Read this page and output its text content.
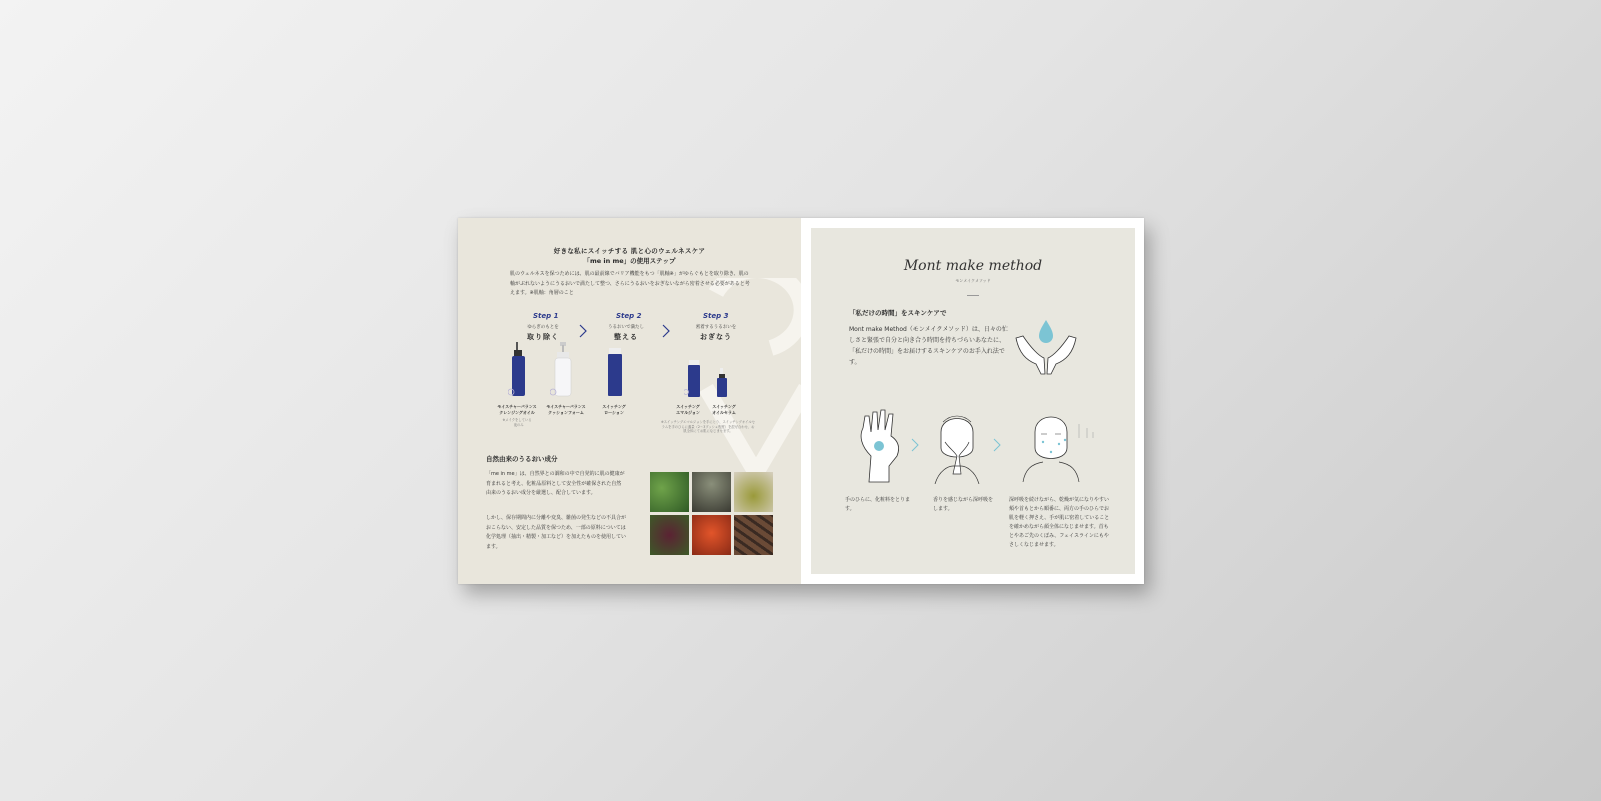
好きな私にスイッチする 肌と心のウェルネスケア
「me in me」の使用ステップ
肌のウェルネスを保つためには、肌の最前線でバリア機能をもつ「肌軸※」がゆらぐもとを取り除き、肌の軸がぶれないようにうるおいで満たして整つ、さらにうるおいをおぎないながら密着させる必要があると考えます。※肌軸：角層のこと
Step 1
ゆらぎのもとを
取り除く
Step 2
うるおいで満たし
整える
Step 3
密着するうるおいを
おぎなう
モイスチャーバランス
クレンジングオイル
※メイクをしている
　夜のみ
モイスチャーバランス
クッションフォーム
スイッチング
ローション
スイッチング
エマルジョン
スイッチング
オイルセラム
※スイッチングエマルジョンを手にとり、スイッチングオイルセラムを手のひらに適量（2〜3プッシュ程度）を混ぜ合わせ、お肌全体にてお肌になじませます。
自然由来のうるおい成分
「me in me」は、自然界との調和の中で自発的に肌の健康が育まれると考え、化粧品原料として安全性が確保された自然由来のうるおい成分を厳選し、配合しています。
しかし、保存期間内に分離や変臭、雑菌の発生などの不具合がおこらない、安定した品質を保つため、一部の原料については化学処理（抽出・精製・加工など）を加えたものを使用しています。
Mont make method
モンメイクメソッド
「私だけの時間」をスキンケアで
Mont make Method（モンメイクメソッド）は、日々の忙しさと緊張で自分と向き合う時間を持ちづらいあなたに、「私だけの時間」をお届けするスキンケアのお手入れ法です。
手のひらに、化粧料をとります。
香りを感じながら深呼吸をします。
深呼吸を続けながら、乾燥が気になりやすい頬や首もとから順番に、両方の手のひらでお肌を軽く押さえ、手が肌に密着していることを確かめながら顔全体になじませます。首もとやあご先のくぼみ、フェイスラインにもやさしくなじませます。
